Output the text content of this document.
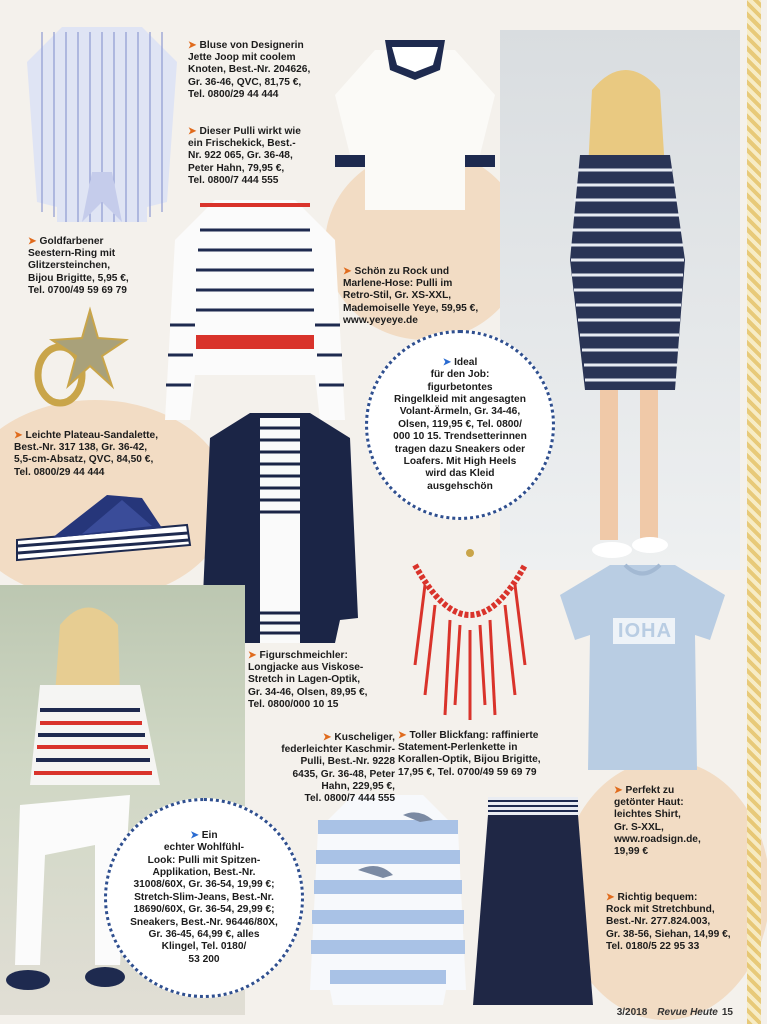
AHOI
➤ Bluse von Designerin
Jette Joop mit coolem
Knoten, Best.-Nr. 204626,
Gr. 36-46, QVC, 81,75 €,
Tel. 0800/29 44 444
➤ Dieser Pulli wirkt wie
ein Frischekick, Best.-
Nr. 922 065, Gr. 36-48,
Peter Hahn, 79,95 €,
Tel. 0800/7 444 555
➤ Goldfarbener
Seestern-Ring mit
Glitzersteinchen,
Bijou Brigitte, 5,95 €,
Tel. 0700/49 59 69 79
➤ Schön zu Rock und
Marlene-Hose: Pulli im
Retro-Stil, Gr. XS-XXL,
Mademoiselle Yeye, 59,95 €,
www.yeyeye.de
➤ Leichte Plateau-Sandalette,
Best.-Nr. 317 138, Gr. 36-42,
5,5-cm-Absatz, QVC, 84,50 €,
Tel. 0800/29 44 444
➤ Figurschmeichler:
Longjacke aus Viskose-
Stretch in Lagen-Optik,
Gr. 34-46, Olsen, 89,95 €,
Tel. 0800/000 10 15
➤ Toller Blickfang: raffinierte
Statement-Perlenkette in
Korallen-Optik, Bijou Brigitte,
17,95 €, Tel. 0700/49 59 69 79
➤ Kuscheliger,
federleichter Kaschmir-
Pulli, Best.-Nr. 9228
6435, Gr. 36-48, Peter
Hahn, 229,95 €,
Tel. 0800/7 444 555
➤ Perfekt zu
getönter Haut:
leichtes Shirt,
Gr. S-XXL,
www.roadsign.de,
19,99 €
➤ Richtig bequem:
Rock mit Stretchbund,
Best.-Nr. 277.824.003,
Gr. 38-56, Siehan, 14,99 €,
Tel. 0180/5 22 95 33
➤ Ideal
für den Job:
figurbetontes
Ringelkleid mit angesagten
Volant-Ärmeln, Gr. 34-46,
Olsen, 119,95 €, Tel. 0800/
000 10 15. Trendsetterinnen
tragen dazu Sneakers oder
Loafers. Mit High Heels
wird das Kleid
ausgehschön
➤ Ein
echter Wohlfühl-
Look: Pulli mit Spitzen-
Applikation, Best.-Nr.
31008/60X, Gr. 36-54, 19,99 €;
Stretch-Slim-Jeans, Best.-Nr.
18690/60X, Gr. 36-54, 29,99 €;
Sneakers, Best.-Nr. 96446/80X,
Gr. 36-45, 64,99 €, alles
Klingel, Tel. 0180/
53 200
3/2018 Revue Heute 15
